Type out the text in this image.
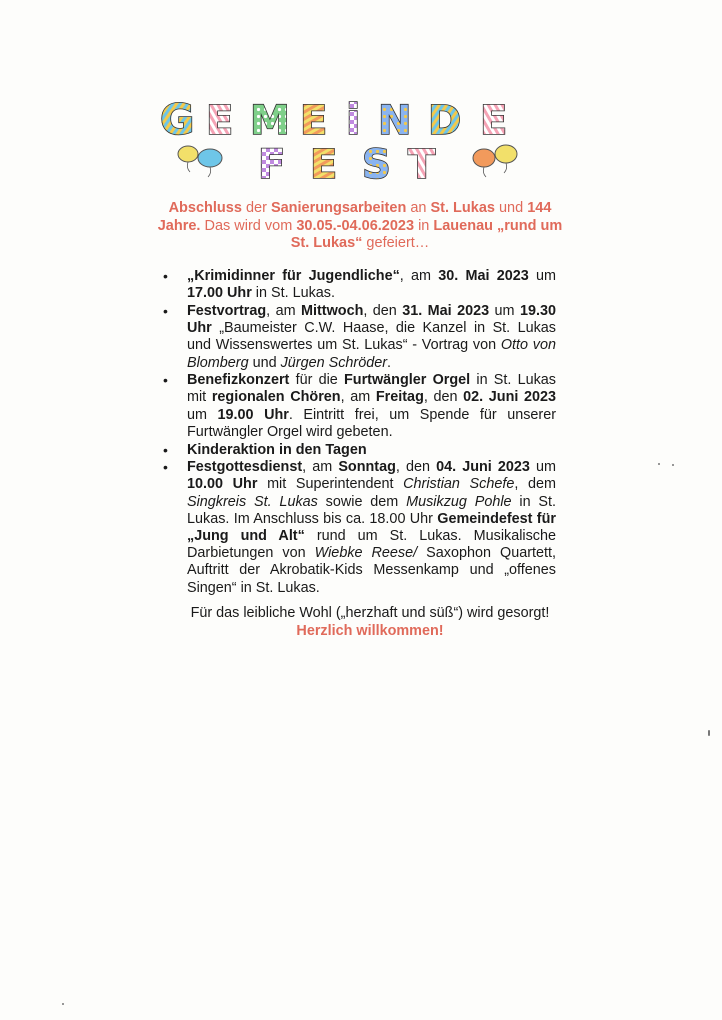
G E M E i N D E
F E S T
Abschluss der Sanierungsarbeiten an St. Lukas und 144 Jahre. Das wird vom 30.05.-04.06.2023 in Lauenau „rund um St. Lukas“ gefeiert…
• „Krimidinner für Jugendliche“, am 30. Mai 2023 um 17.00 Uhr in St. Lukas.
• Festvortrag, am Mittwoch, den 31. Mai 2023 um 19.30 Uhr „Baumeister C.W. Haase, die Kanzel in St. Lukas und Wissenswertes um St. Lukas“ - Vortrag von Otto von Blomberg und Jürgen Schröder.
• Benefizkonzert für die Furtwängler Orgel in St. Lukas mit regionalen Chören, am Freitag, den 02. Juni 2023 um 19.00 Uhr. Eintritt frei, um Spende für unserer Furtwängler Orgel wird gebeten.
• Kinderaktion in den Tagen
• Festgottesdienst, am Sonntag, den 04. Juni 2023 um 10.00 Uhr mit Superintendent Christian Schefe, dem Singkreis St. Lukas sowie dem Musikzug Pohle in St. Lukas. Im Anschluss bis ca. 18.00 Uhr Gemeindefest für „Jung und Alt“ rund um St. Lukas. Musikalische Darbietungen von Wiebke Reese/ Saxophon Quartett, Auftritt der Akrobatik-Kids Messenkamp und „offenes Singen“ in St. Lukas.
Für das leibliche Wohl („herzhaft und süß“) wird gesorgt!
Herzlich willkommen!
